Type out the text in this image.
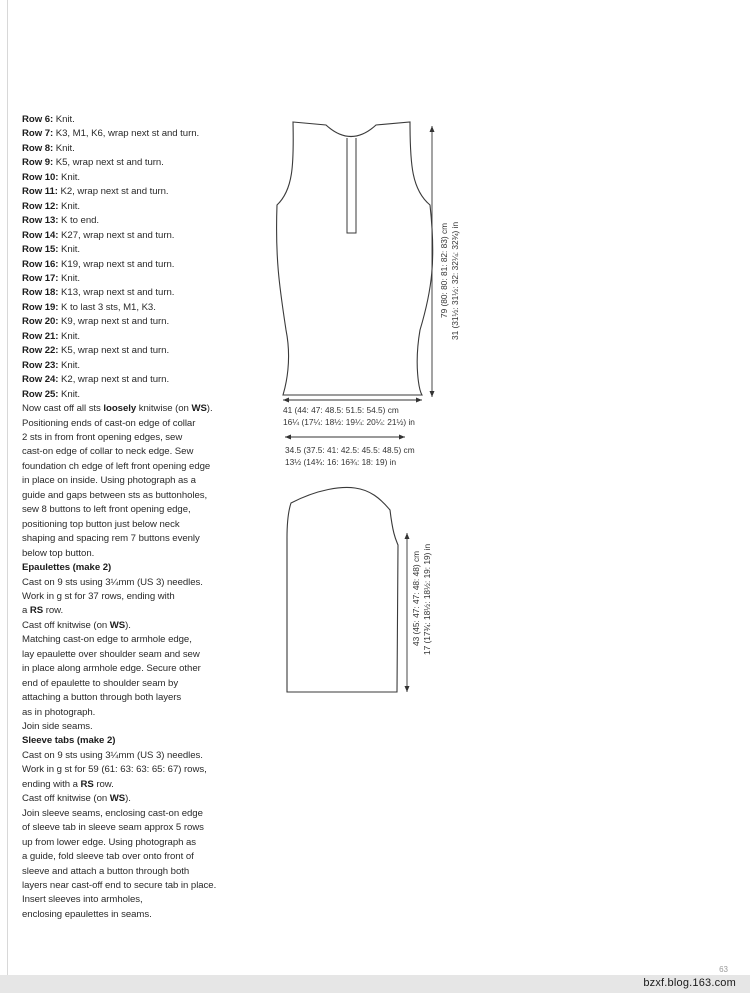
Row 6: Knit.
Row 7: K3, M1, K6, wrap next st and turn.
Row 8: Knit.
Row 9: K5, wrap next st and turn.
Row 10: Knit.
Row 11: K2, wrap next st and turn.
Row 12: Knit.
Row 13: K to end.
Row 14: K27, wrap next st and turn.
Row 15: Knit.
Row 16: K19, wrap next st and turn.
Row 17: Knit.
Row 18: K13, wrap next st and turn.
Row 19: K to last 3 sts, M1, K3.
Row 20: K9, wrap next st and turn.
Row 21: Knit.
Row 22: K5, wrap next st and turn.
Row 23: Knit.
Row 24: K2, wrap next st and turn.
Row 25: Knit.
Now cast off all sts loosely knitwise (on WS).
Positioning ends of cast-on edge of collar
2 sts in from front opening edges, sew
cast-on edge of collar to neck edge. Sew
foundation ch edge of left front opening edge
in place on inside. Using photograph as a
guide and gaps between sts as buttonholes,
sew 8 buttons to left front opening edge,
positioning top button just below neck
shaping and spacing rem 7 buttons evenly
below top button.
Epaulettes (make 2)
Cast on 9 sts using 3¼mm (US 3) needles.
Work in g st for 37 rows, ending with
a RS row.
Cast off knitwise (on WS).
Matching cast-on edge to armhole edge,
lay epaulette over shoulder seam and sew
in place along armhole edge. Secure other
end of epaulette to shoulder seam by
attaching a button through both layers
as in photograph.
Join side seams.
Sleeve tabs (make 2)
Cast on 9 sts using 3¼mm (US 3) needles.
Work in g st for 59 (61: 63: 63: 65: 67) rows,
ending with a RS row.
Cast off knitwise (on WS).
Join sleeve seams, enclosing cast-on edge
of sleeve tab in sleeve seam approx 5 rows
up from lower edge. Using photograph as
a guide, fold sleeve tab over onto front of
sleeve and attach a button through both
layers near cast-off end to secure tab in place.
Insert sleeves into armholes,
enclosing epaulettes in seams.
79 (80: 80: 81: 82: 83) cm 31 (31½: 31½: 32: 32¼: 32¾) in
41 (44: 47: 48.5: 51.5: 54.5) cm
16¼ (17¼: 18½: 19¼: 20¼: 21½) in
34.5 (37.5: 41: 42.5: 45.5: 48.5) cm
13½ (14¾: 16: 16¾: 18: 19) in
43 (45: 47: 47: 48: 48) cm 17 (17¾: 18½: 18½: 19: 19) in
63
bzxf.blog.163.com
